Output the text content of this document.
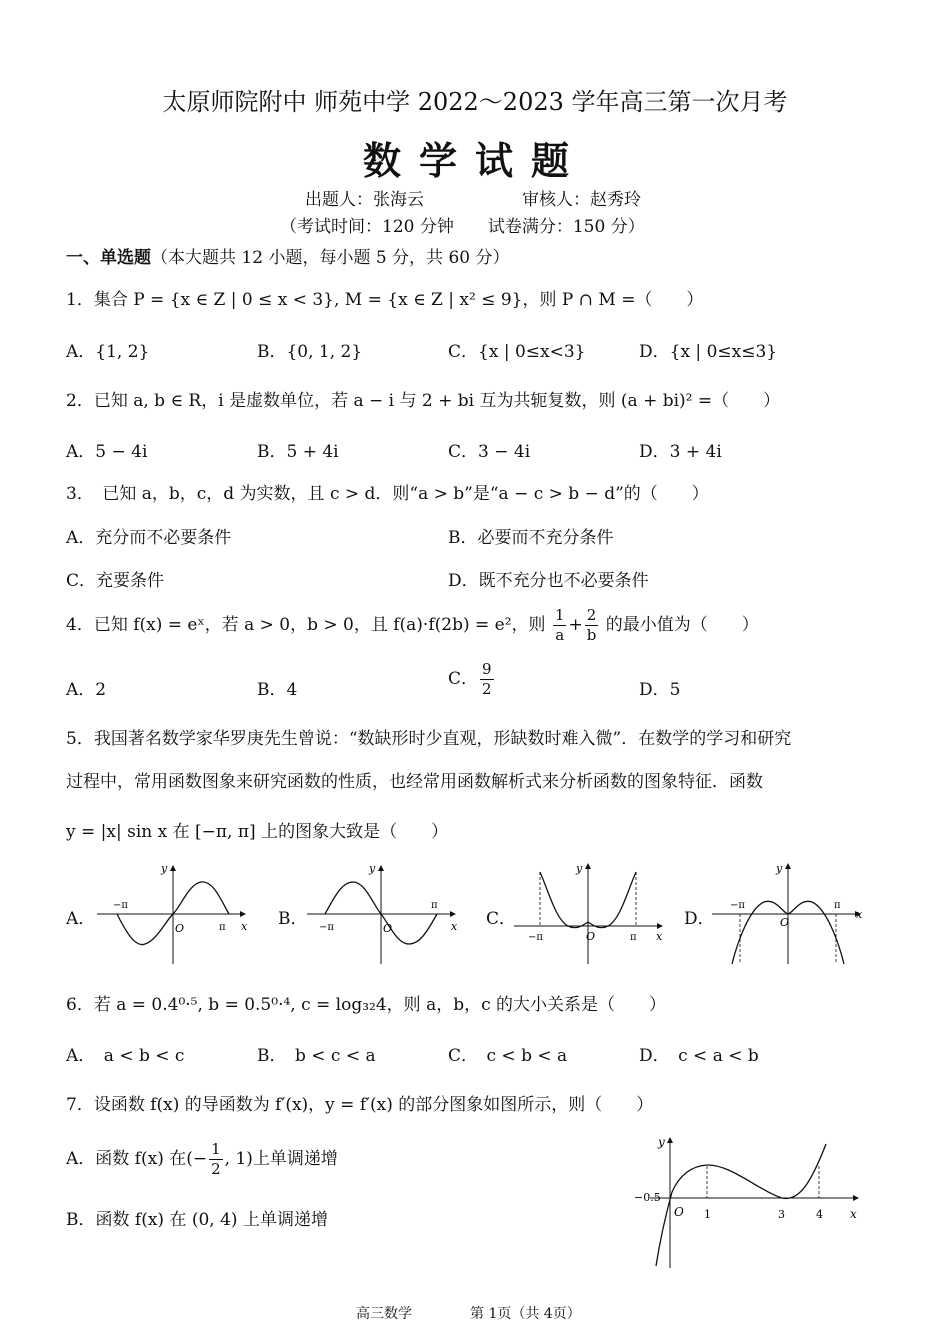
太原师院附中 师苑中学 2022～2023 学年高三第一次月考
数学试题
出题人：张海云	审核人：赵秀玲
（考试时间：120 分钟　　试卷满分：150 分）
一、单选题（本大题共 12 小题，每小题 5 分，共 60 分）
1．集合 P = {x ∈ Z | 0 ≤ x < 3}, M = {x ∈ Z | x² ≤ 9}，则 P ∩ M =（　　）
A．{1, 2}	B．{0, 1, 2}	C．{x | 0≤x<3}	D．{x | 0≤x≤3}
2．已知 a, b ∈ R，i 是虚数单位，若 a − i 与 2 + bi 互为共轭复数，则 (a + bi)² =（　　）
A．5 − 4i	B．5 + 4i	C．3 − 4i	D．3 + 4i
3．　已知 a，b，c，d 为实数，且 c > d．则“a > b”是“a − c > b − d”的（　　）
A．充分而不必要条件	B．必要而不充分条件
C．充要条件	D．既不充分也不必要条件
4．已知 f(x) = eˣ，若 a > 0，b > 0，且 f(a)·f(2b) = e²，则 $\frac{1}{a} + \frac{2}{b}$ 的最小值为（　　）
A．2	B．4
C． $\frac{9}{2}$	D．5
5．我国著名数学家华罗庚先生曾说：“数缺形时少直观，形缺数时难入微”．在数学的学习和研究
过程中，常用函数图象来研究函数的性质，也经常用函数解析式来分析函数的图象特征．函数
y = |x| sin x 在 [−π, π] 上的图象大致是（　　）
A．	B．	C．	D．
y
x
O	π
−π
y
x
O
π
−π
y
x
O	π
−π
y
x
O
π
−π
6．若 a = 0.4⁰·⁵, b = 0.5⁰·⁴, c = log₃₂4，则 a，b，c 的大小关系是（　　）
A．　a < b < c	B．　b < c < a	C．　c < b < a	D．　c < a < b
7．设函数 f(x) 的导函数为 f′(x)，y = f′(x) 的部分图象如图所示，则（　　）
A．函数 f(x) 在(− $\frac{1}{2}$ , 1)上单调递增
B．函数 f(x) 在 (0, 4) 上单调递增
y
x
O
−0.5
1	3	4
高三数学	第 1页（共 4页）
